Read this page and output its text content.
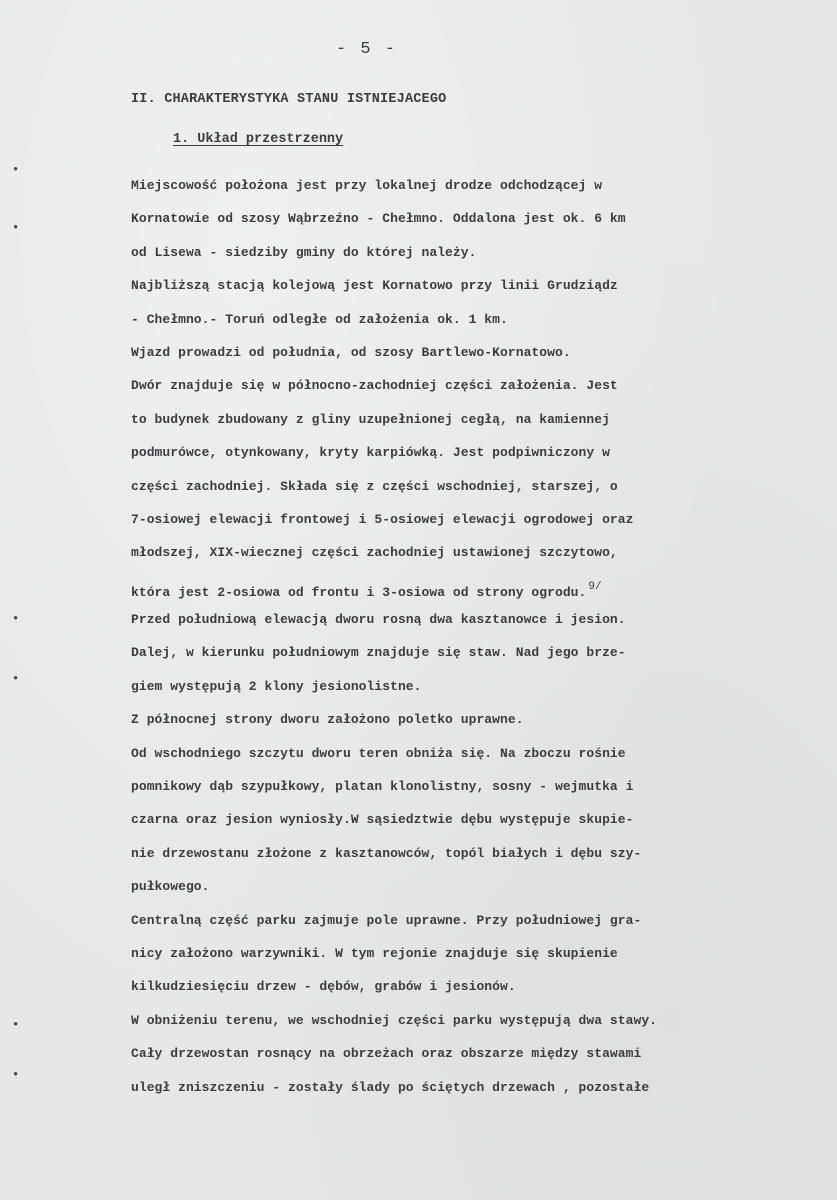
- 5 -
II. CHARAKTERYSTYKA STANU ISTNIEJACEGO
1. Układ przestrzenny
•
•
•
•
•
•
Miejscowość położona jest przy lokalnej drodze odchodzącej w
Kornatowie od szosy Wąbrzeźno - Chełmno. Oddalona jest ok. 6 km
od Lisewa - siedziby gminy do której należy.
Najbliższą stacją kolejową jest Kornatowo przy linii Grudziądz
- Chełmno.- Toruń odległe od założenia ok. 1 km.
Wjazd prowadzi od południa, od szosy Bartlewo-Kornatowo.
Dwór znajduje się w północno-zachodniej części założenia. Jest
to budynek zbudowany z gliny uzupełnionej cegłą, na kamiennej
podmurówce, otynkowany, kryty karpiówką. Jest podpiwniczony w
części zachodniej. Składa się z części wschodniej, starszej, o
7-osiowej elewacji frontowej i 5-osiowej elewacji ogrodowej oraz
młodszej, XIX-wiecznej części zachodniej ustawionej szczytowo,
która jest 2-osiowa od frontu i 3-osiowa od strony ogrodu. $^{9/}$
Przed południową elewacją dworu rosną dwa kasztanowce i jesion.
Dalej, w kierunku południowym znajduje się staw. Nad jego brze-
giem występują 2 klony jesionolistne.
Z północnej strony dworu założono poletko uprawne.
Od wschodniego szczytu dworu teren obniża się. Na zboczu rośnie
pomnikowy dąb szypułkowy, platan klonolistny, sosny - wejmutka i
czarna oraz jesion wyniosły.W sąsiedztwie dębu występuje skupie-
nie drzewostanu złożone z kasztanowców, topól białych i dębu szy-
pułkowego.
Centralną część parku zajmuje pole uprawne. Przy południowej gra-
nicy założono warzywniki. W tym rejonie znajduje się skupienie
kilkudziesięciu drzew - dębów, grabów i jesionów.
W obniżeniu terenu, we wschodniej części parku występują dwa stawy.
Cały drzewostan rosnący na obrzeżach oraz obszarze między stawami
uległ zniszczeniu - zostały ślady po ściętych drzewach , pozostałe
